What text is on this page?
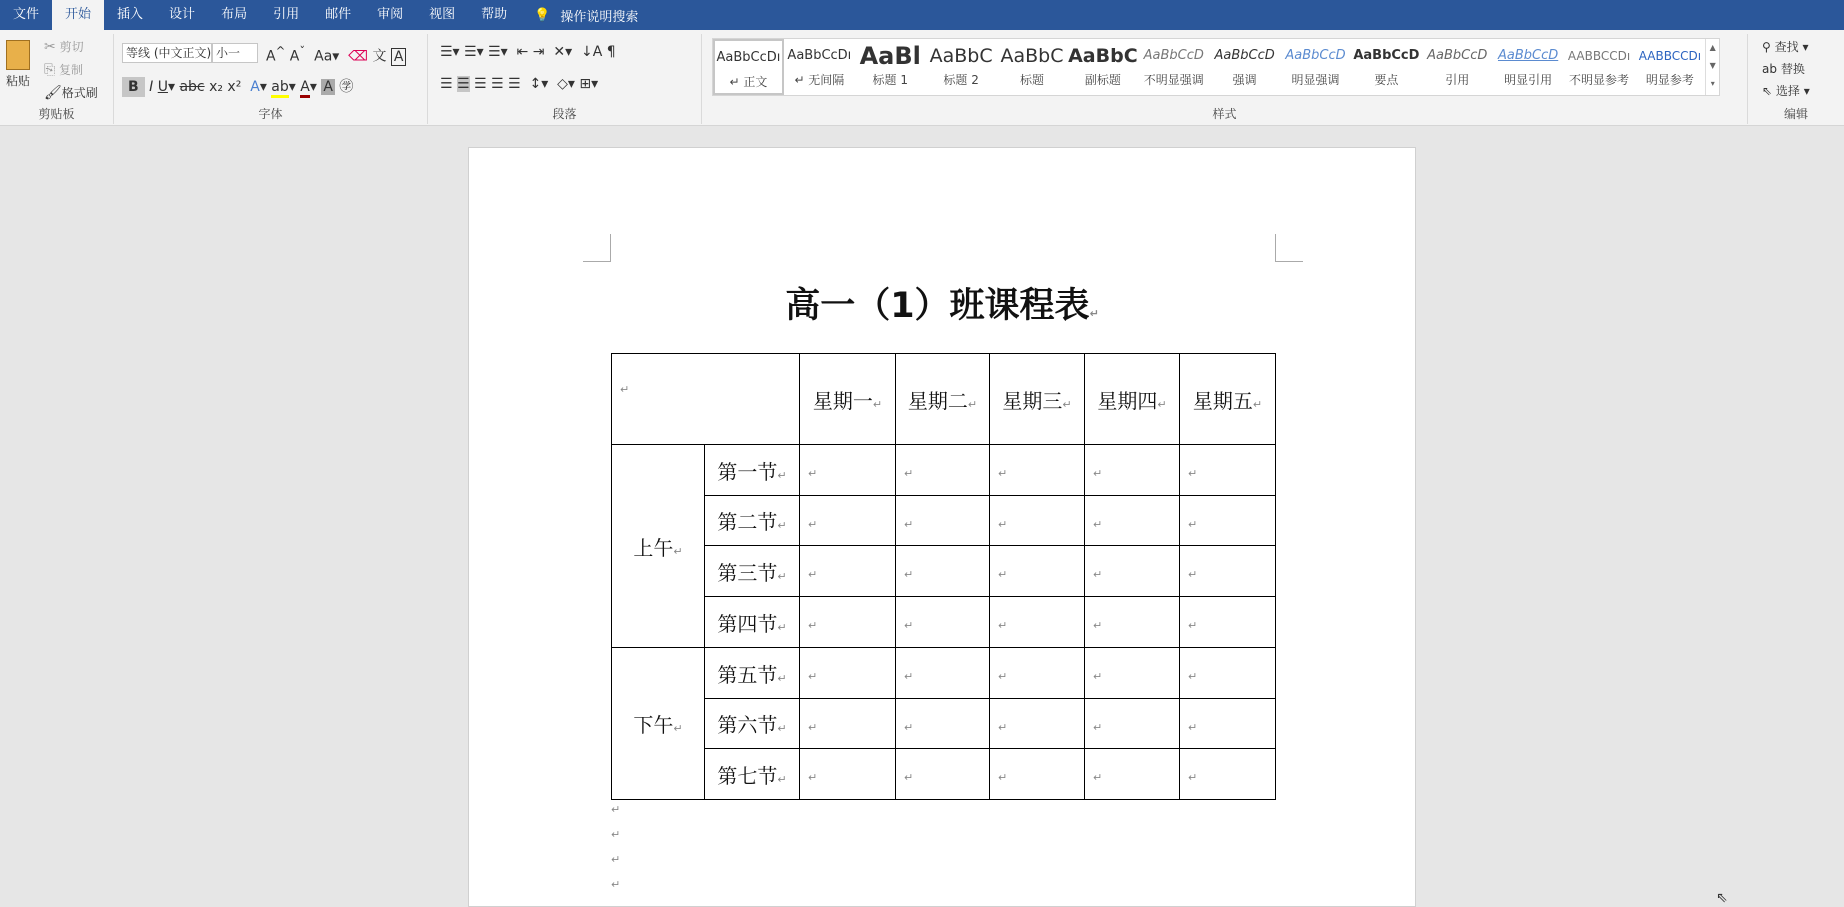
文件	开始	插入	设计	布局	引用	邮件	审阅	视图	帮助	💡 操作说明搜索
粘贴
✂ 剪切
⎘ 复制
🖌格式刷
剪贴板
等线 (中文正文) 小一	A^ $A^ˇ$  Aa▾  ⌫ 文 A
B I U▾ abc x₂ x²  A▾ ab▾ A▾ A ㊫
字体
☰▾ ☰▾ ☰▾  ⇤ ⇥  ✕▾  ↓A ¶
☰ ☰ ☰ ☰ ☰  ↕▾  ◇▾ ⊞▾
段落	样式
⚲ 查找 ▾
ab 替换
⇖ 选择 ▾
编辑
AaBbCcDı
↵ 正文
AaBbCcDı
↵ 无间隔
AaBl
标题 1
AaBbC
标题 2
AaBbC
标题
AaBbC
副标题
AaBbCcD
不明显强调
AaBbCcD
强调
AaBbCcD
明显强调
AaBbCcD
要点
AaBbCcD
引用
AaBbCcD
明显引用
AABBCCDı
不明显参考
AABBCCDı
明显参考
▲
▼
▾
高一（1）班课程表↵
↵		星期一↵	星期二↵	星期三↵	星期四↵	星期五↵
上午↵	第一节↵	↵	↵	↵	↵	↵
	第二节↵	↵	↵	↵	↵	↵
	第三节↵	↵	↵	↵	↵	↵
	第四节↵	↵	↵	↵	↵	↵
下午↵	第五节↵	↵	↵	↵	↵	↵
	第六节↵	↵	↵	↵	↵	↵
	第七节↵	↵	↵	↵	↵	↵
↵
↵
↵
↵
⇖
